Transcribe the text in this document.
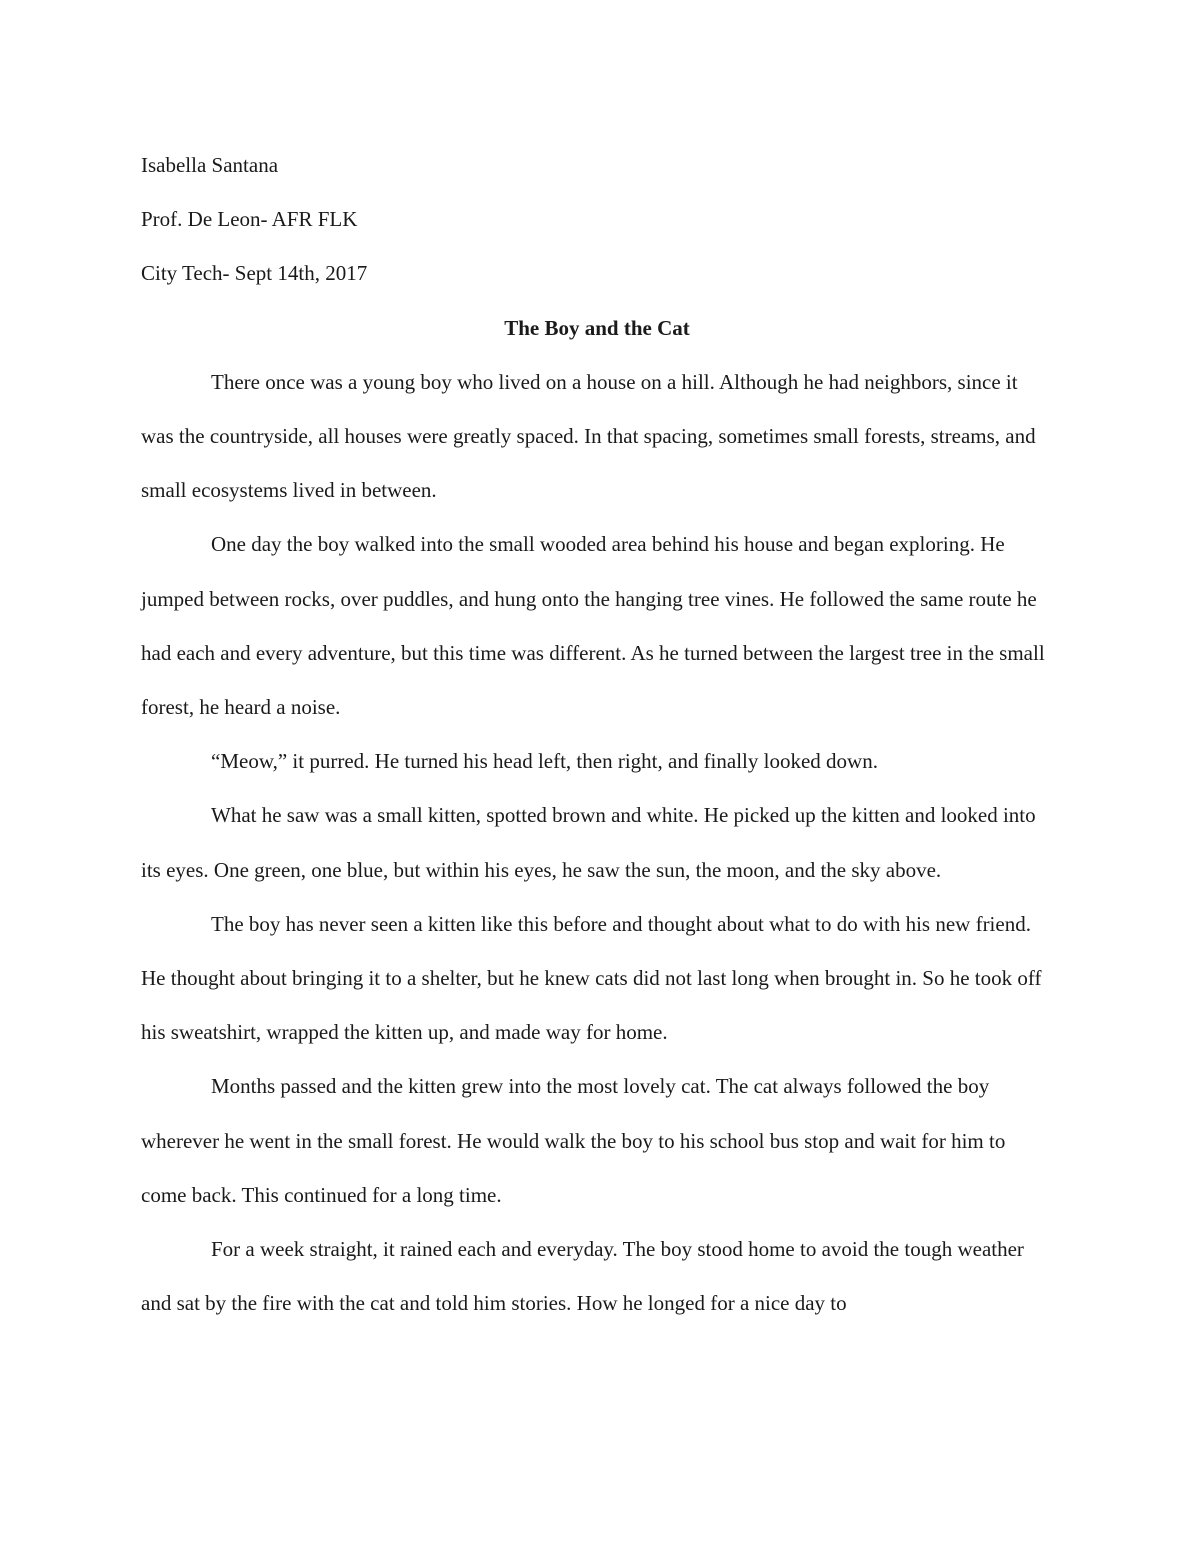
Isabella Santana

Prof. De Leon- AFR FLK

City Tech- Sept 14th, 2017

The Boy and the Cat

There once was a young boy who lived on a house on a hill. Although he had neighbors, since it was the countryside, all houses were greatly spaced. In that spacing, sometimes small forests, streams, and small ecosystems lived in between.

One day the boy walked into the small wooded area behind his house and began exploring. He jumped between rocks, over puddles, and hung onto the hanging tree vines. He followed the same route he had each and every adventure, but this time was different. As he turned between the largest tree in the small forest, he heard a noise.

“Meow,” it purred. He turned his head left, then right, and finally looked down.

What he saw was a small kitten, spotted brown and white. He picked up the kitten and looked into its eyes. One green, one blue, but within his eyes, he saw the sun, the moon, and the sky above.

The boy has never seen a kitten like this before and thought about what to do with his new friend. He thought about bringing it to a shelter, but he knew cats did not last long when brought in. So he took off his sweatshirt, wrapped the kitten up, and made way for home.

Months passed and the kitten grew into the most lovely cat. The cat always followed the boy wherever he went in the small forest. He would walk the boy to his school bus stop and wait for him to come back. This continued for a long time.

For a week straight, it rained each and everyday. The boy stood home to avoid the tough weather and sat by the fire with the cat and told him stories. How he longed for a nice day to
